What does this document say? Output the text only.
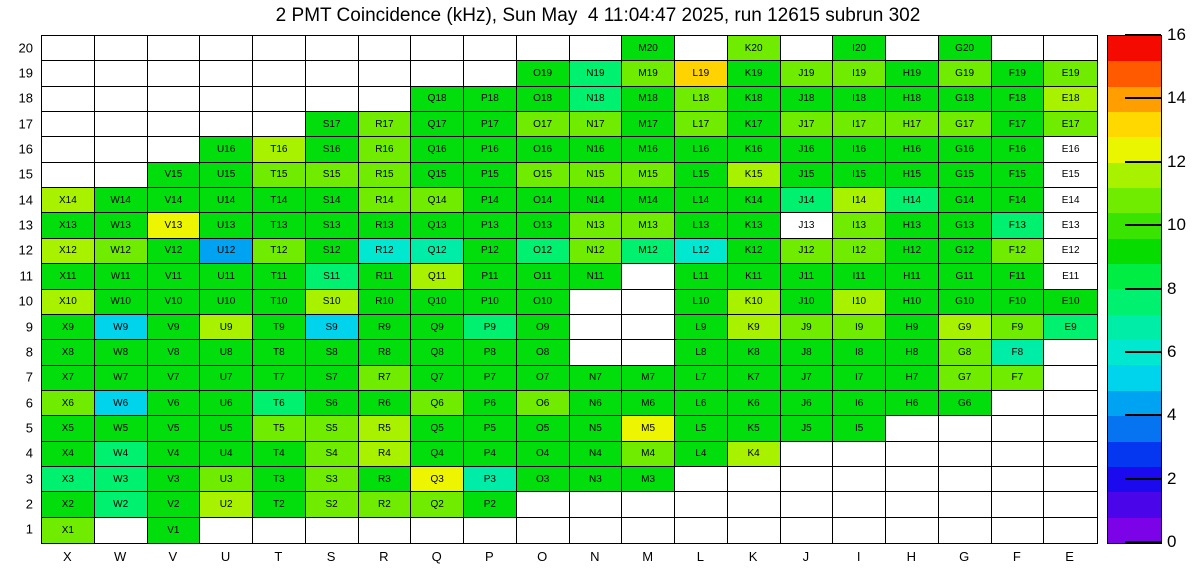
2 PMT Coincidence (kHz), Sun May  4 11:04:47 2025, run 12615 subrun 302
M20	K20	I20	G20
O19	N19	M19	L19	K19	J19	I19	H19	G19	F19	E19
Q18	P18	O18	N18	M18	L18	K18	J18	I18	H18	G18	F18	E18
S17	R17	Q17	P17	O17	N17	M17	L17	K17	J17	I17	H17	G17	F17	E17
U16	T16	S16	R16	Q16	P16	O16	N16	M16	L16	K16	J16	I16	H16	G16	F16	E16
V15	U15	T15	S15	R15	Q15	P15	O15	N15	M15	L15	K15	J15	I15	H15	G15	F15	E15
X14	W14	V14	U14	T14	S14	R14	Q14	P14	O14	N14	M14	L14	K14	J14	I14	H14	G14	F14	E14
X13	W13	V13	U13	T13	S13	R13	Q13	P13	O13	N13	M13	L13	K13	J13	I13	H13	G13	F13	E13
X12	W12	V12	U12	T12	S12	R12	Q12	P12	O12	N12	M12	L12	K12	J12	I12	H12	G12	F12	E12
X11	W11	V11	U11	T11	S11	R11	Q11	P11	O11	N11	L11	K11	J11	I11	H11	G11	F11	E11
X10	W10	V10	U10	T10	S10	R10	Q10	P10	O10	L10	K10	J10	I10	H10	G10	F10	E10
X9	W9	V9	U9	T9	S9	R9	Q9	P9	O9	L9	K9	J9	I9	H9	G9	F9	E9
X8	W8	V8	U8	T8	S8	R8	Q8	P8	O8	L8	K8	J8	I8	H8	G8	F8
X7	W7	V7	U7	T7	S7	R7	Q7	P7	O7	N7	M7	L7	K7	J7	I7	H7	G7	F7
X6	W6	V6	U6	T6	S6	R6	Q6	P6	O6	N6	M6	L6	K6	J6	I6	H6	G6
X5	W5	V5	U5	T5	S5	R5	Q5	P5	O5	N5	M5	L5	K5	J5	I5
X4	W4	V4	U4	T4	S4	R4	Q4	P4	O4	N4	M4	L4	K4
X3	W3	V3	U3	T3	S3	R3	Q3	P3	O3	N3	M3
X2	W2	V2	U2	T2	S2	R2	Q2	P2
X1	V1
X	W	V	U	T	S	R	Q	P	O	N	M	L	K	J	I	H	G	F	E
20
19
18
17
16
15
14
13
12
11
10
9
8
7
6
5
4
3
2
1
0
2
4
6
8
10
12
14
16
